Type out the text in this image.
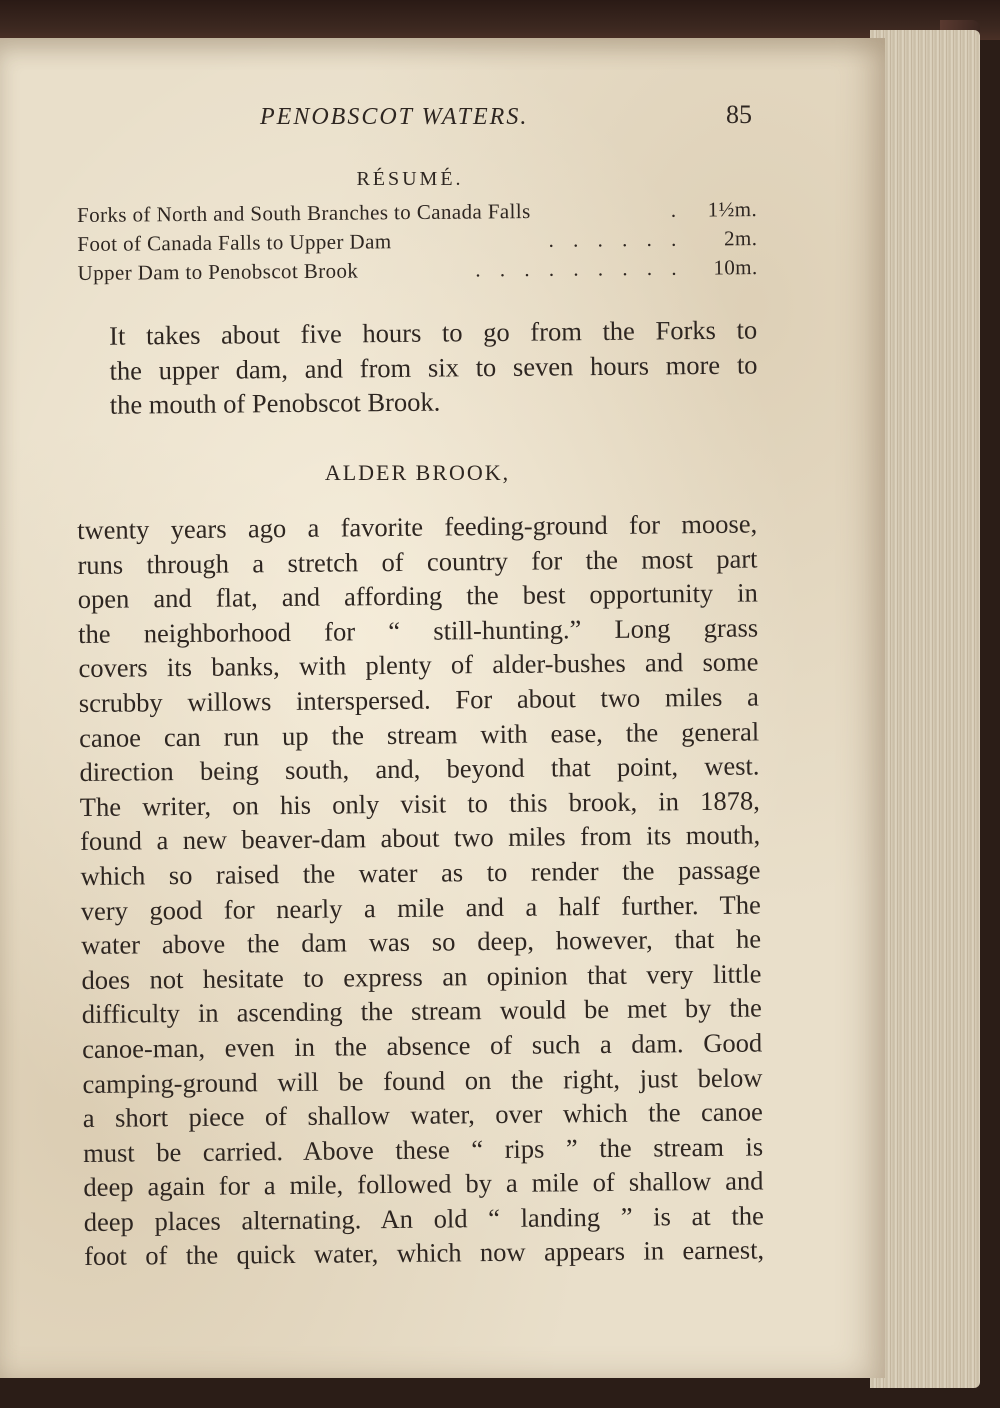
PENOBSCOT WATERS.	85
RÉSUMÉ.
Forks of North and South Branches to Canada Falls	.	1½m.
Foot of Canada Falls to Upper Dam	. . . . . .	2m.
Upper Dam to Penobscot Brook	. . . . . . . . .	10m.
It takes about five hours to go from the Forks to
the upper dam, and from six to seven hours more to
the mouth of Penobscot Brook.
ALDER BROOK,
twenty years ago a favorite feeding-ground for moose,
runs through a stretch of country for the most part
open and flat, and affording the best opportunity in
the neighborhood for “ still-hunting.” Long grass
covers its banks, with plenty of alder-bushes and some
scrubby willows interspersed. For about two miles a
canoe can run up the stream with ease, the general
direction being south, and, beyond that point, west.
The writer, on his only visit to this brook, in 1878,
found a new beaver-dam about two miles from its mouth,
which so raised the water as to render the passage
very good for nearly a mile and a half further. The
water above the dam was so deep, however, that he
does not hesitate to express an opinion that very little
difficulty in ascending the stream would be met by the
canoe-man, even in the absence of such a dam. Good
camping-ground will be found on the right, just below
a short piece of shallow water, over which the canoe
must be carried. Above these “ rips ” the stream is
deep again for a mile, followed by a mile of shallow and
deep places alternating. An old “ landing ” is at the
foot of the quick water, which now appears in earnest,
